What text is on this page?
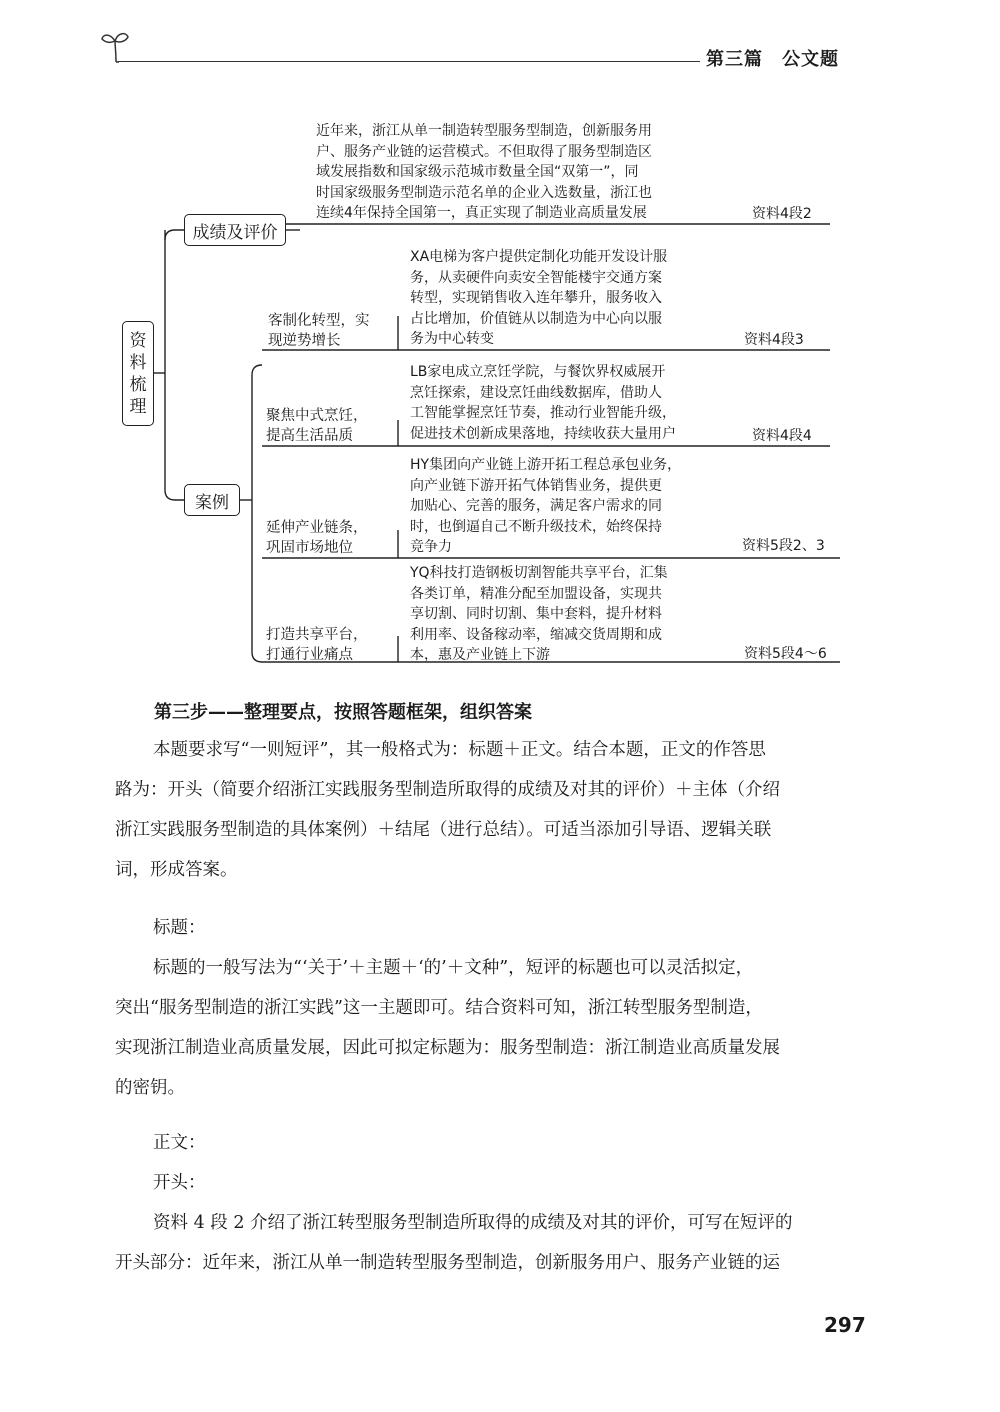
第三篇　公文题
资料梳理
成绩及评价
近年来，浙江从单一制造转型服务型制造，创新服务用
户、服务产业链的运营模式。不但取得了服务型制造区
域发展指数和国家级示范城市数量全国“双第一”，同
时国家级服务型制造示范名单的企业入选数量，浙江也
连续4年保持全国第一，真正实现了制造业高质量发展	资料4段2
案例
客制化转型，实
现逆势增长
XA电梯为客户提供定制化功能开发设计服
务，从卖硬件向卖安全智能楼宇交通方案
转型，实现销售收入连年攀升，服务收入
占比增加，价值链从以制造为中心向以服
务为中心转变	资料4段3
聚焦中式烹饪，
提高生活品质
LB家电成立烹饪学院，与餐饮界权威展开
烹饪探索，建设烹饪曲线数据库，借助人
工智能掌握烹饪节奏，推动行业智能升级，
促进技术创新成果落地，持续收获大量用户	资料4段4
延伸产业链条，
巩固市场地位
HY集团向产业链上游开拓工程总承包业务，
向产业链下游开拓气体销售业务，提供更
加贴心、完善的服务，满足客户需求的同
时，也倒逼自己不断升级技术，始终保持
竞争力	资料5段2、3
打造共享平台，
打通行业痛点
YQ科技打造钢板切割智能共享平台，汇集
各类订单，精准分配至加盟设备，实现共
享切割、同时切割、集中套料，提升材料
利用率、设备稼动率，缩减交货周期和成
本，惠及产业链上下游	资料5段4～6
第三步——整理要点，按照答题框架，组织答案
本题要求写“一则短评”，其一般格式为：标题＋正文。结合本题，正文的作答思
路为：开头（简要介绍浙江实践服务型制造所取得的成绩及对其的评价）＋主体（介绍
浙江实践服务型制造的具体案例）＋结尾（进行总结）。可适当添加引导语、逻辑关联
词，形成答案。
标题：
标题的一般写法为“‘关于’＋主题＋‘的’＋文种”，短评的标题也可以灵活拟定，
突出“服务型制造的浙江实践”这一主题即可。结合资料可知，浙江转型服务型制造，
实现浙江制造业高质量发展，因此可拟定标题为：服务型制造：浙江制造业高质量发展
的密钥。
正文：
开头：
资料 4 段 2 介绍了浙江转型服务型制造所取得的成绩及对其的评价，可写在短评的
开头部分：近年来，浙江从单一制造转型服务型制造，创新服务用户、服务产业链的运
297
